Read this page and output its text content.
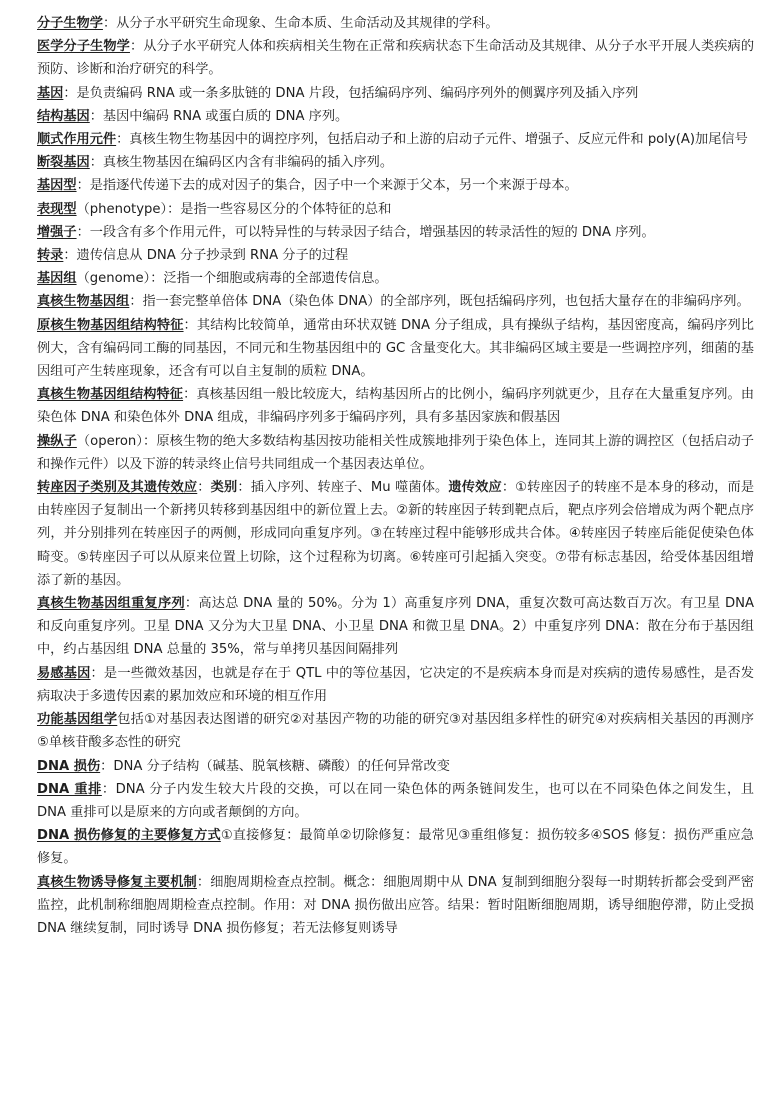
分子生物学：从分子水平研究生命现象、生命本质、生命活动及其规律的学科。

医学分子生物学：从分子水平研究人体和疾病相关生物在正常和疾病状态下生命活动及其规律、从分子水平开展人类疾病的预防、诊断和治疗研究的科学。

基因：是负责编码 RNA 或一条多肽链的 DNA 片段，包括编码序列、编码序列外的侧翼序列及插入序列

结构基因：基因中编码 RNA 或蛋白质的 DNA 序列。

顺式作用元件：真核生物生物基因中的调控序列，包括启动子和上游的启动子元件、增强子、反应元件和 poly(A)加尾信号

断裂基因：真核生物基因在编码区内含有非编码的插入序列。

基因型：是指逐代传递下去的成对因子的集合，因子中一个来源于父本，另一个来源于母本。

表现型（phenotype）：是指一些容易区分的个体特征的总和

增强子：一段含有多个作用元件，可以特异性的与转录因子结合，增强基因的转录活性的短的 DNA 序列。

转录：遗传信息从 DNA 分子抄录到 RNA 分子的过程

基因组（genome）：泛指一个细胞或病毒的全部遗传信息。

真核生物基因组：指一套完整单倍体 DNA（染色体 DNA）的全部序列，既包括编码序列，也包括大量存在的非编码序列。

原核生物基因组结构特征：其结构比较简单，通常由环状双链 DNA 分子组成，具有操纵子结构，基因密度高，编码序列比例大，含有编码同工酶的同基因，不同元和生物基因组中的 GC 含量变化大。其非编码区域主要是一些调控序列，细菌的基因组可产生转座现象，还含有可以自主复制的质粒 DNA。

真核生物基因组结构特征：真核基因组一般比较庞大，结构基因所占的比例小，编码序列就更少，且存在大量重复序列。由染色体 DNA 和染色体外 DNA 组成，非编码序列多于编码序列，具有多基因家族和假基因

操纵子（operon）：原核生物的绝大多数结构基因按功能相关性成簇地排列于染色体上，连同其上游的调控区（包括启动子和操作元件）以及下游的转录终止信号共同组成一个基因表达单位。

转座因子类别及其遗传效应：类别：插入序列、转座子、Mu 噬菌体。遗传效应：①转座因子的转座不是本身的移动，而是由转座因子复制出一个新拷贝转移到基因组中的新位置上去。②新的转座因子转到靶点后，靶点序列会倍增成为两个靶点序列，并分别排列在转座因子的两侧，形成同向重复序列。③在转座过程中能够形成共合体。④转座因子转座后能促使染色体畸变。⑤转座因子可以从原来位置上切除，这个过程称为切离。⑥转座可引起插入突变。⑦带有标志基因，给受体基因组增添了新的基因。

真核生物基因组重复序列：高达总 DNA 量的 50%。分为 1）高重复序列 DNA，重复次数可高达数百万次。有卫星 DNA 和反向重复序列。卫星 DNA 又分为大卫星 DNA、小卫星 DNA 和微卫星 DNA。2）中重复序列 DNA：散在分布于基因组中，约占基因组 DNA 总量的 35%，常与单拷贝基因间隔排列

易感基因：是一些微效基因，也就是存在于 QTL 中的等位基因，它决定的不是疾病本身而是对疾病的遗传易感性，是否发病取决于多遗传因素的累加效应和环境的相互作用

功能基因组学包括①对基因表达图谱的研究②对基因产物的功能的研究③对基因组多样性的研究④对疾病相关基因的再测序⑤单核苷酸多态性的研究

DNA 损伤：DNA 分子结构（碱基、脱氧核糖、磷酸）的任何异常改变

DNA 重排：DNA 分子内发生较大片段的交换，可以在同一染色体的两条链间发生，也可以在不同染色体之间发生，且 DNA 重排可以是原来的方向或者颠倒的方向。

DNA 损伤修复的主要修复方式①直接修复：最简单②切除修复：最常见③重组修复：损伤较多④SOS 修复：损伤严重应急修复。

真核生物诱导修复主要机制：细胞周期检查点控制。概念：细胞周期中从 DNA 复制到细胞分裂每一时期转折都会受到严密监控，此机制称细胞周期检查点控制。作用：对 DNA 损伤做出应答。结果：暂时阻断细胞周期，诱导细胞停滞，防止受损 DNA 继续复制，同时诱导 DNA 损伤修复；若无法修复则诱导
